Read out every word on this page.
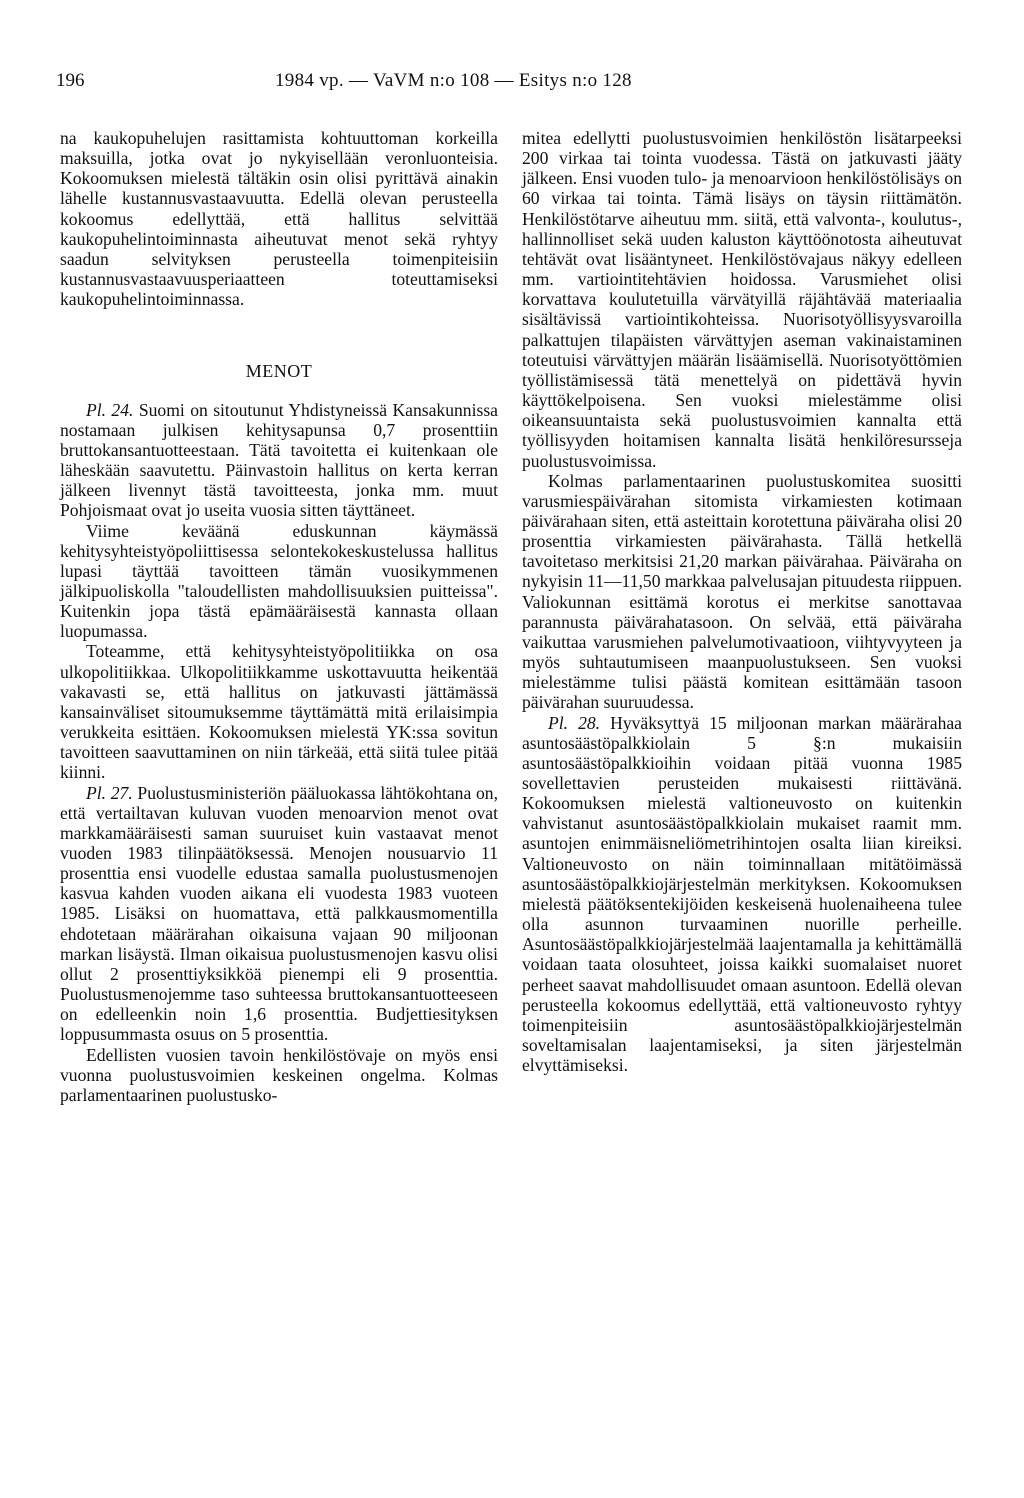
196	1984 vp. — VaVM n:o 108 — Esitys n:o 128

na kaukopuhelujen rasittamista kohtuuttoman korkeilla maksuilla, jotka ovat jo nykyisellään veronluonteisia. Kokoomuksen mielestä tältäkin osin olisi pyrittävä ainakin lähelle kustannusvastaavuutta. Edellä olevan perusteella kokoomus edellyttää, että hallitus selvittää kaukopuhelintoiminnasta aiheutuvat menot sekä ryhtyy saadun selvityksen perusteella toimenpiteisiin kustannusvastaavuusperiaatteen toteuttamiseksi kaukopuhelintoiminnassa.

MENOT

Pl. 24. Suomi on sitoutunut Yhdistyneissä Kansakunnissa nostamaan julkisen kehitysapunsa 0,7 prosenttiin bruttokansantuotteestaan. Tätä tavoitetta ei kuitenkaan ole läheskään saavutettu. Päinvastoin hallitus on kerta kerran jälkeen livennyt tästä tavoitteesta, jonka mm. muut Pohjoismaat ovat jo useita vuosia sitten täyttäneet.

Viime keväänä eduskunnan käymässä kehitysyhteistyöpoliittisessa selontekokeskustelussa hallitus lupasi täyttää tavoitteen tämän vuosikymmenen jälkipuoliskolla "taloudellisten mahdollisuuksien puitteissa". Kuitenkin jopa tästä epämääräisestä kannasta ollaan luopumassa.

Toteamme, että kehitysyhteistyöpolitiikka on osa ulkopolitiikkaa. Ulkopolitiikkamme uskottavuutta heikentää vakavasti se, että hallitus on jatkuvasti jättämässä kansainväliset sitoumuksemme täyttämättä mitä erilaisimpia verukkeita esittäen. Kokoomuksen mielestä YK:ssa sovitun tavoitteen saavuttaminen on niin tärkeää, että siitä tulee pitää kiinni.

Pl. 27. Puolustusministeriön pääluokassa lähtökohtana on, että vertailtavan kuluvan vuoden menoarvion menot ovat markkamääräisesti saman suuruiset kuin vastaavat menot vuoden 1983 tilinpäätöksessä. Menojen nousuarvio 11 prosenttia ensi vuodelle edustaa samalla puolustusmenojen kasvua kahden vuoden aikana eli vuodesta 1983 vuoteen 1985. Lisäksi on huomattava, että palkkausmomentilla ehdotetaan määrärahan oikaisuna vajaan 90 miljoonan markan lisäystä. Ilman oikaisua puolustusmenojen kasvu olisi ollut 2 prosenttiyksikköä pienempi eli 9 prosenttia. Puolustusmenojemme taso suhteessa bruttokansantuotteeseen on edelleenkin noin 1,6 prosenttia. Budjettiesityksen loppusummasta osuus on 5 prosenttia.

Edellisten vuosien tavoin henkilöstövaje on myös ensi vuonna puolustusvoimien keskeinen ongelma. Kolmas parlamentaarinen puolustusko-

mitea edellytti puolustusvoimien henkilöstön lisätarpeeksi 200 virkaa tai tointa vuodessa. Tästä on jatkuvasti jääty jälkeen. Ensi vuoden tulo- ja menoarvioon henkilöstölisäys on 60 virkaa tai tointa. Tämä lisäys on täysin riittämätön. Henkilöstötarve aiheutuu mm. siitä, että valvonta-, koulutus-, hallinnolliset sekä uuden kaluston käyttöönotosta aiheutuvat tehtävät ovat lisääntyneet. Henkilöstövajaus näkyy edelleen mm. vartiointitehtävien hoidossa. Varusmiehet olisi korvattava koulutetuilla värvätyillä räjähtävää materiaalia sisältävissä vartiointikohteissa. Nuorisotyöllisyysvaroilla palkattujen tilapäisten värvättyjen aseman vakinaistaminen toteutuisi värvättyjen määrän lisäämisellä. Nuorisotyöttömien työllistämisessä tätä menettelyä on pidettävä hyvin käyttökelpoisena. Sen vuoksi mielestämme olisi oikeansuuntaista sekä puolustusvoimien kannalta että työllisyyden hoitamisen kannalta lisätä henkilöresursseja puolustusvoimissa.

Kolmas parlamentaarinen puolustuskomitea suositti varusmiespäivärahan sitomista virkamiesten kotimaan päivärahaan siten, että asteittain korotettuna päiväraha olisi 20 prosenttia virkamiesten päivärahasta. Tällä hetkellä tavoitetaso merkitsisi 21,20 markan päivärahaa. Päiväraha on nykyisin 11—11,50 markkaa palvelusajan pituudesta riippuen. Valiokunnan esittämä korotus ei merkitse sanottavaa parannusta päivärahatasoon. On selvää, että päiväraha vaikuttaa varusmiehen palvelumotivaatioon, viihtyvyyteen ja myös suhtautumiseen maanpuolustukseen. Sen vuoksi mielestämme tulisi päästä komitean esittämään tasoon päivärahan suuruudessa.

Pl. 28. Hyväksyttyä 15 miljoonan markan määrärahaa asuntosäästöpalkkiolain 5 §:n mukaisiin asuntosäästöpalkkioihin voidaan pitää vuonna 1985 sovellettavien perusteiden mukaisesti riittävänä. Kokoomuksen mielestä valtioneuvosto on kuitenkin vahvistanut asuntosäästöpalkkiolain mukaiset raamit mm. asuntojen enimmäisneliömetrihintojen osalta liian kireiksi. Valtioneuvosto on näin toiminnallaan mitätöimässä asuntosäästöpalkkiojärjestelmän merkityksen. Kokoomuksen mielestä päätöksentekijöiden keskeisenä huolenaiheena tulee olla asunnon turvaaminen nuorille perheille. Asuntosäästöpalkkiojärjestelmää laajentamalla ja kehittämällä voidaan taata olosuhteet, joissa kaikki suomalaiset nuoret perheet saavat mahdollisuudet omaan asuntoon. Edellä olevan perusteella kokoomus edellyttää, että valtioneuvosto ryhtyy toimenpiteisiin asuntosäästöpalkkiojärjestelmän soveltamisalan laajentamiseksi, ja siten järjestelmän elvyttämiseksi.
